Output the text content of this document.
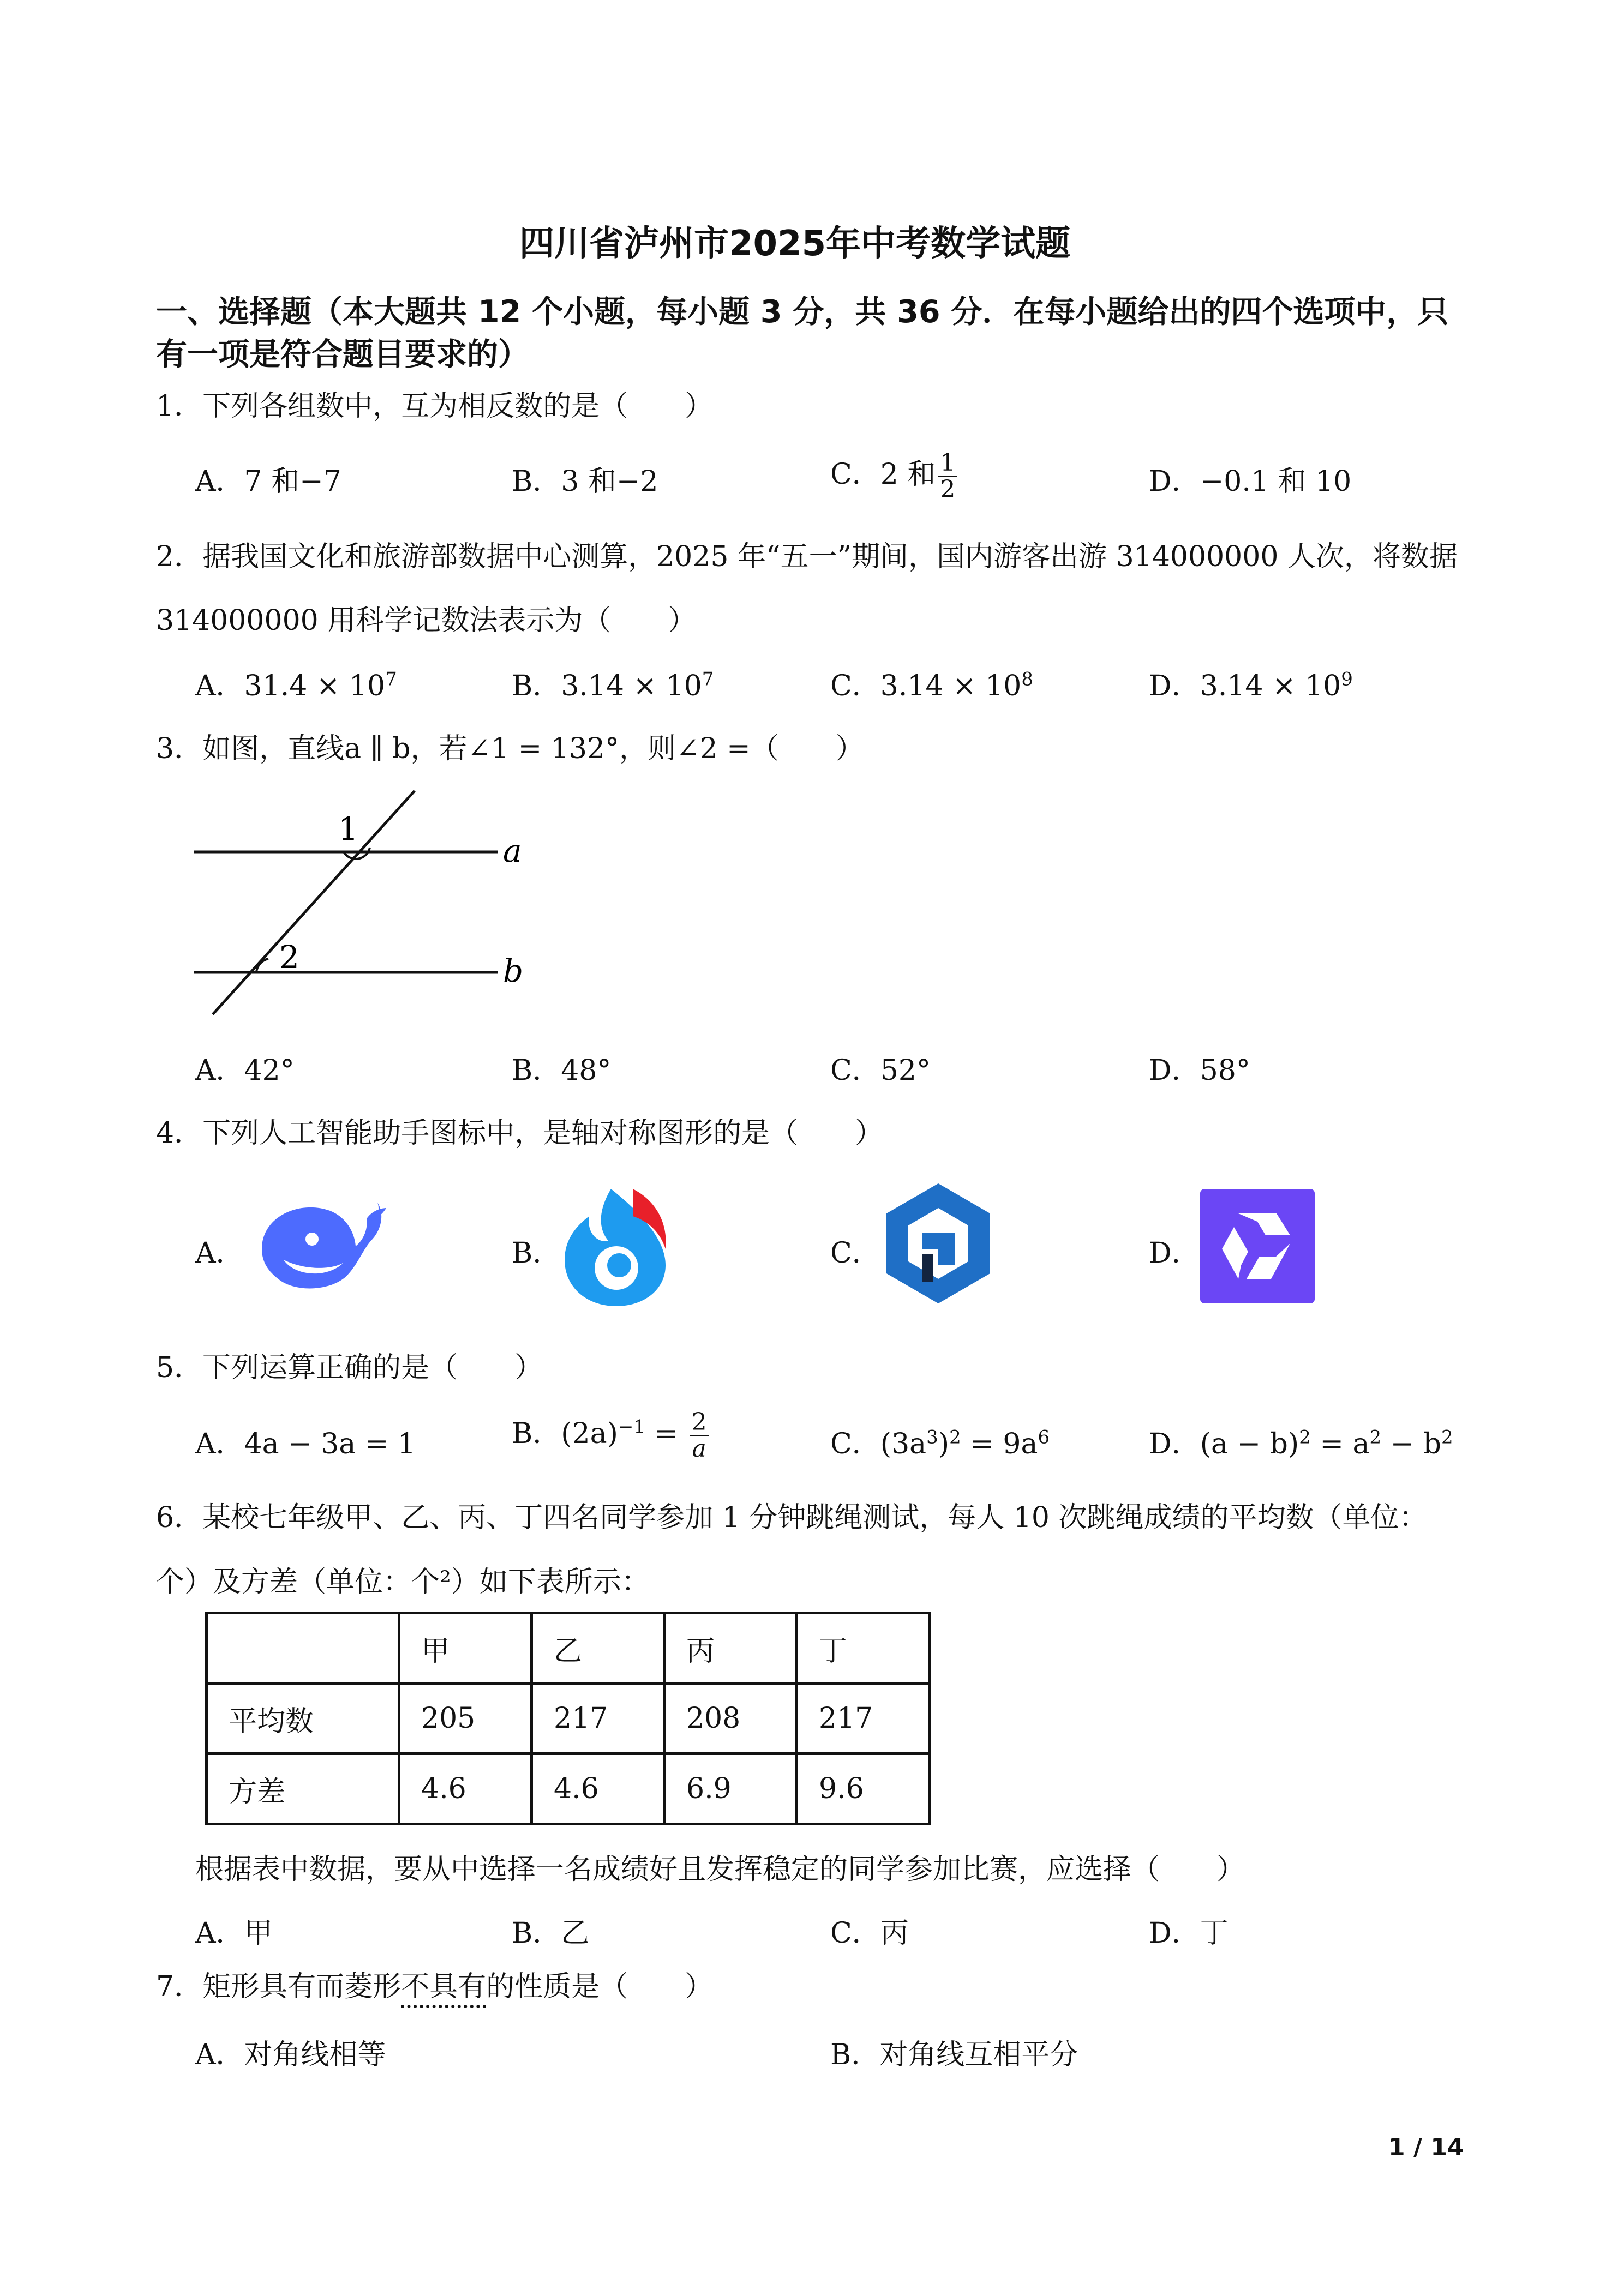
四川省泸州市2025年中考数学试题
一、选择题（本大题共 12 个小题，每小题 3 分，共 36 分．在每小题给出的四个选项中，只
有一项是符合题目要求的）
1．下列各组数中，互为相反数的是（　　）
A．7 和−7	B．3 和−2	C．2 和 $\frac{1}{2}$	D．−0.1 和 10
2．据我国文化和旅游部数据中心测算，2025 年“五一”期间，国内游客出游 314000000 人次，将数据
314000000 用科学记数法表示为（　　）
A．$31.4 \times 10^7$	B．$3.14 \times 10^7$	C．$3.14 \times 10^8$	D．$3.14 \times 10^9$
3．如图，直线a ∥ b，若∠1 = 132°，则∠2 =（　　）
1
2
a
b
A．42°	B．48°	C．52°	D．58°
4．下列人工智能助手图标中，是轴对称图形的是（　　）
A．	B．	C．	D．
5．下列运算正确的是（　　）
A．4a − 3a = 1	B．$(2a)^{-1} = \frac{2}{a}$	C．$(3a^3)^2 = 9a^6$	D．$(a - b)^2 = a^2 - b^2$
6．某校七年级甲、乙、丙、丁四名同学参加 1 分钟跳绳测试，每人 10 次跳绳成绩的平均数（单位：
个）及方差（单位：个²）如下表所示：
	甲	乙	丙	丁
平均数	205	217	208	217
方差	4.6	4.6	6.9	9.6
根据表中数据，要从中选择一名成绩好且发挥稳定的同学参加比赛，应选择（　　）
A．甲	B．乙	C．丙	D．丁
7．矩形具有而菱形不具有的性质是（　　）
A．对角线相等	B．对角线互相平分
1 / 14
